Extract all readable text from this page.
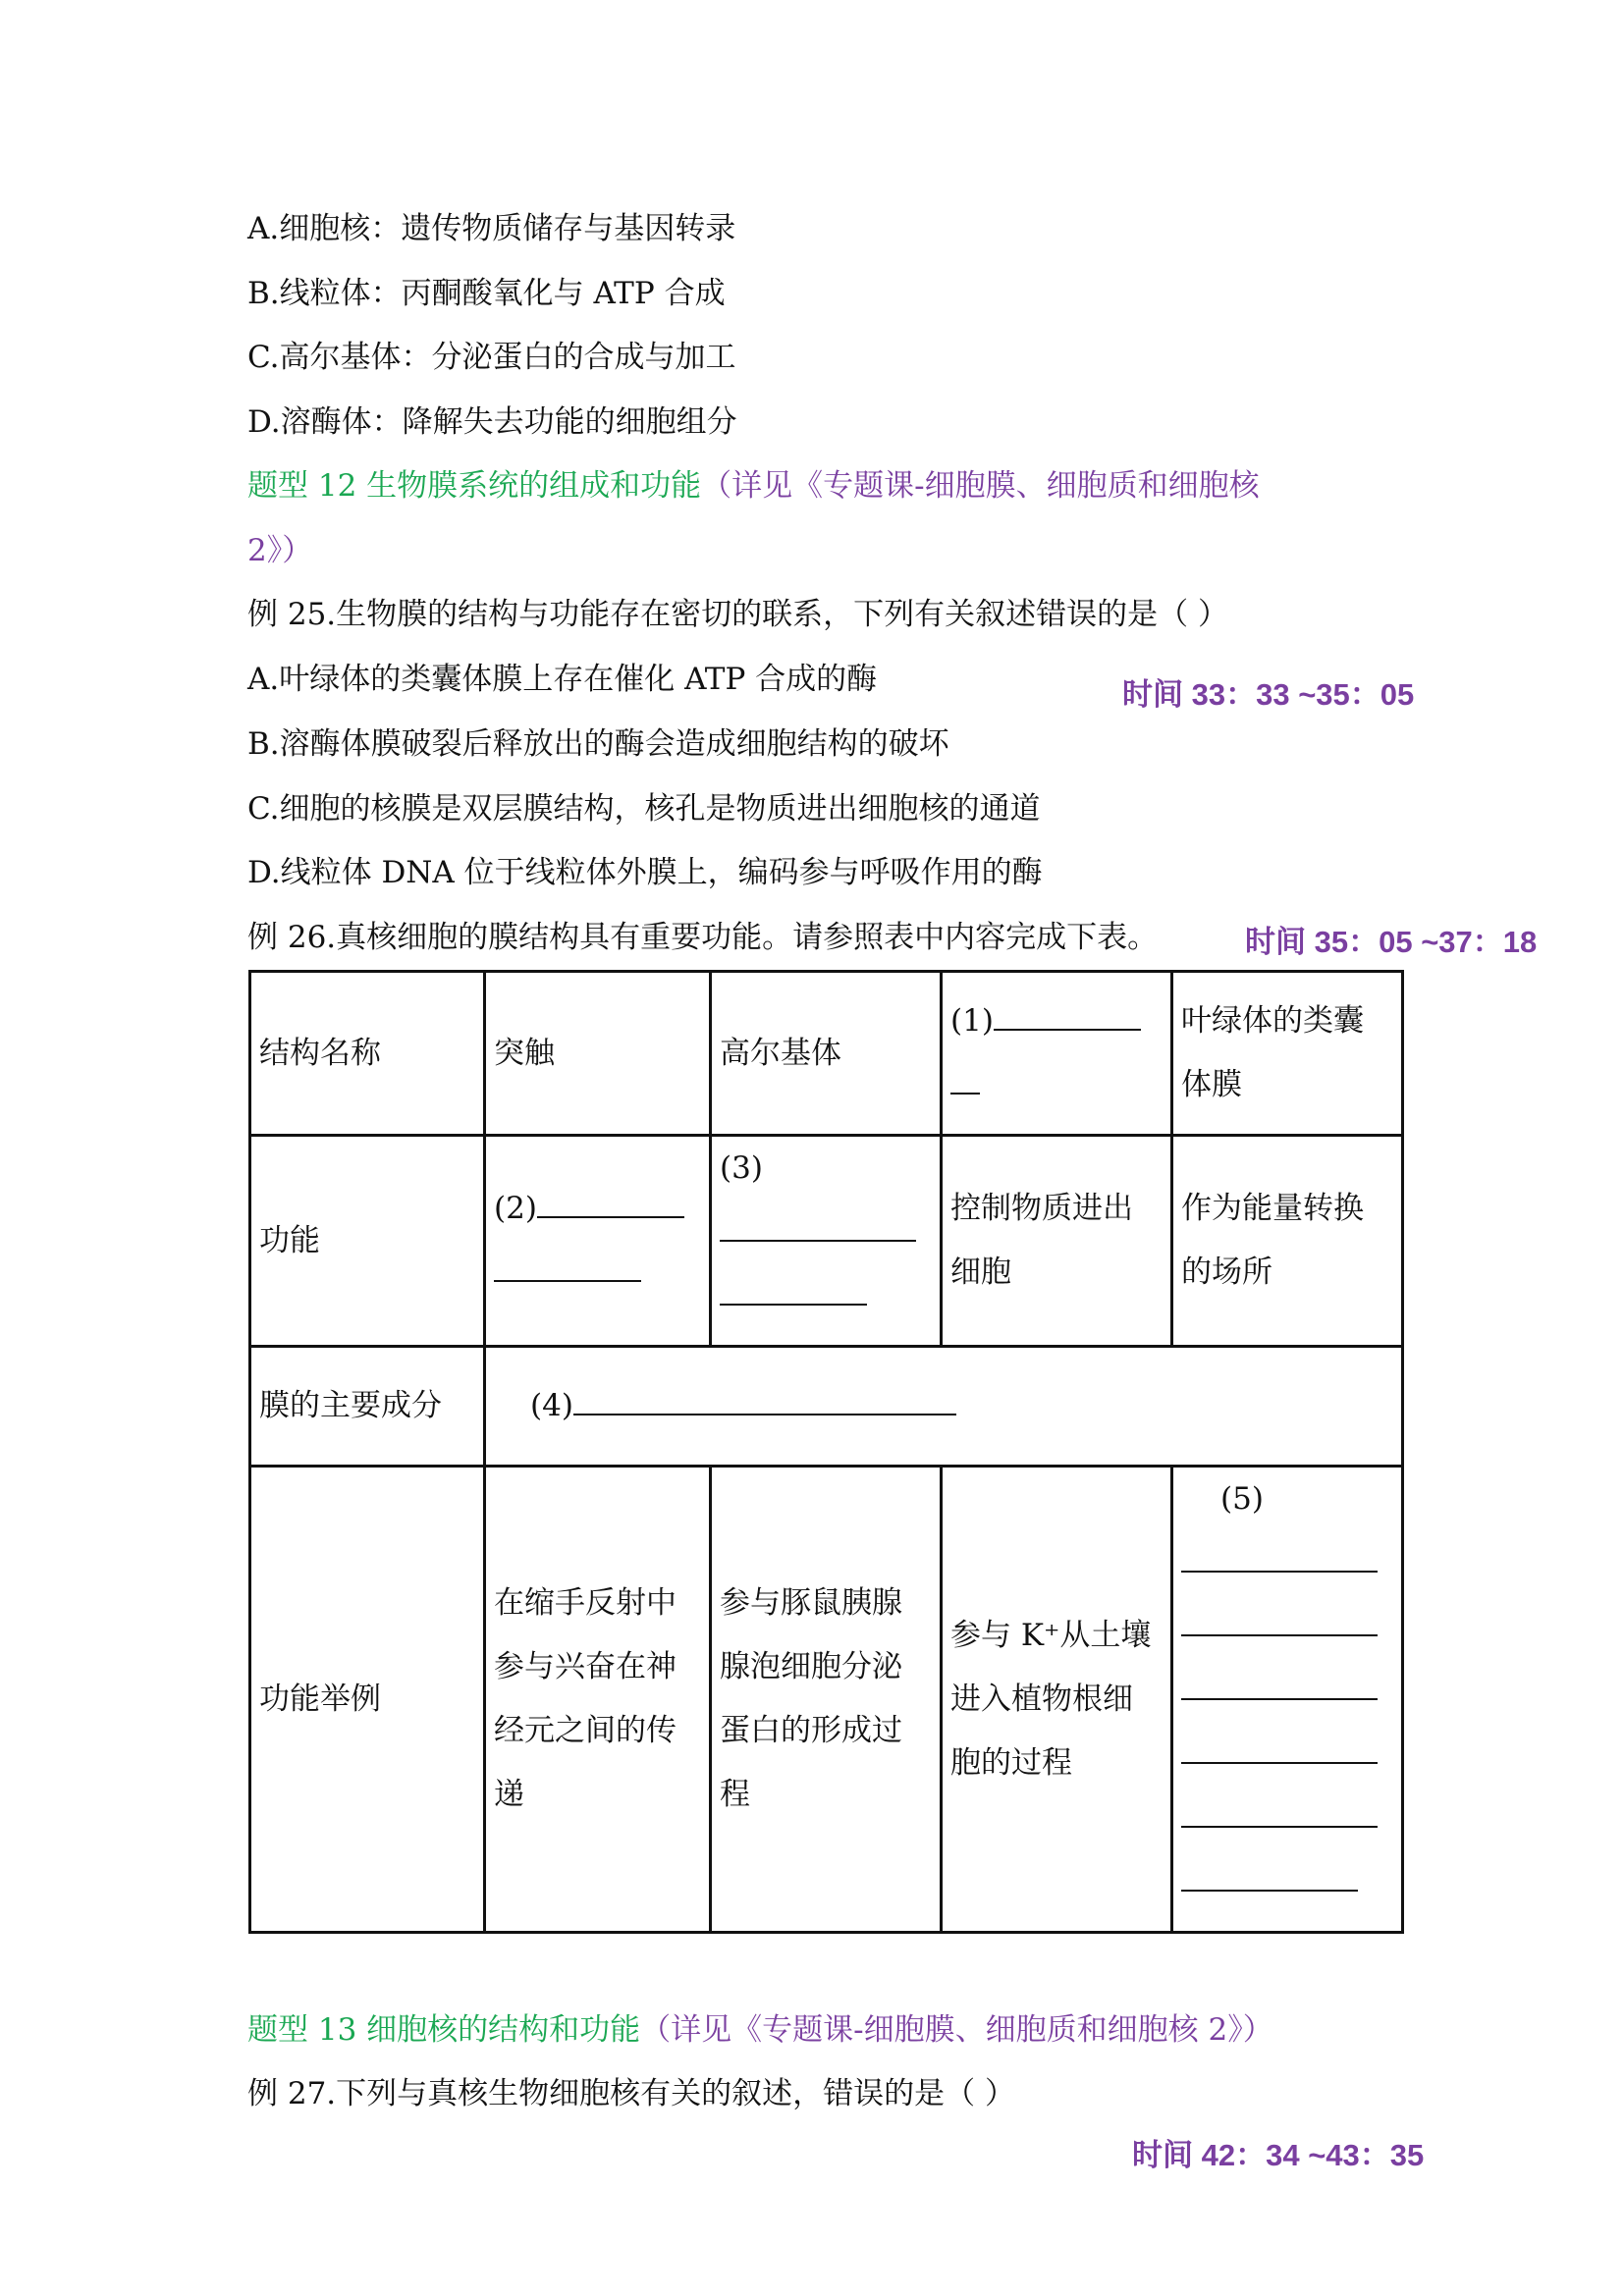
A.细胞核：遗传物质储存与基因转录
B.线粒体：丙酮酸氧化与 ATP 合成
C.高尔基体：分泌蛋白的合成与加工
D.溶酶体：降解失去功能的细胞组分
题型 12 生物膜系统的组成和功能（详见《专题课-细胞膜、细胞质和细胞核
2》）
例 25.生物膜的结构与功能存在密切的联系，下列有关叙述错误的是（ ）
A.叶绿体的类囊体膜上存在催化 ATP 合成的酶	时间 33：33 ~35：05
B.溶酶体膜破裂后释放出的酶会造成细胞结构的破坏
C.细胞的核膜是双层膜结构，核孔是物质进出细胞核的通道
D.线粒体 DNA 位于线粒体外膜上，编码参与呼吸作用的酶
例 26.真核细胞的膜结构具有重要功能。请参照表中内容完成下表。	时间 35：05 ~37：18
结构名称	突触	高尔基体	(1)	叶绿体的类囊体膜
功能	(2)	(3)	控制物质进出细胞	作为能量转换的场所
膜的主要成分	(4)			
功能举例	在缩手反射中参与兴奋在神经元之间的传递	参与豚鼠胰腺腺泡细胞分泌蛋白的形成过程	参与 K⁺从土壤进入植物根细胞的过程	(5)

题型 13 细胞核的结构和功能（详见《专题课-细胞膜、细胞质和细胞核 2》）
例 27.下列与真核生物细胞核有关的叙述，错误的是（ ）
时间 42：34 ~43：35
